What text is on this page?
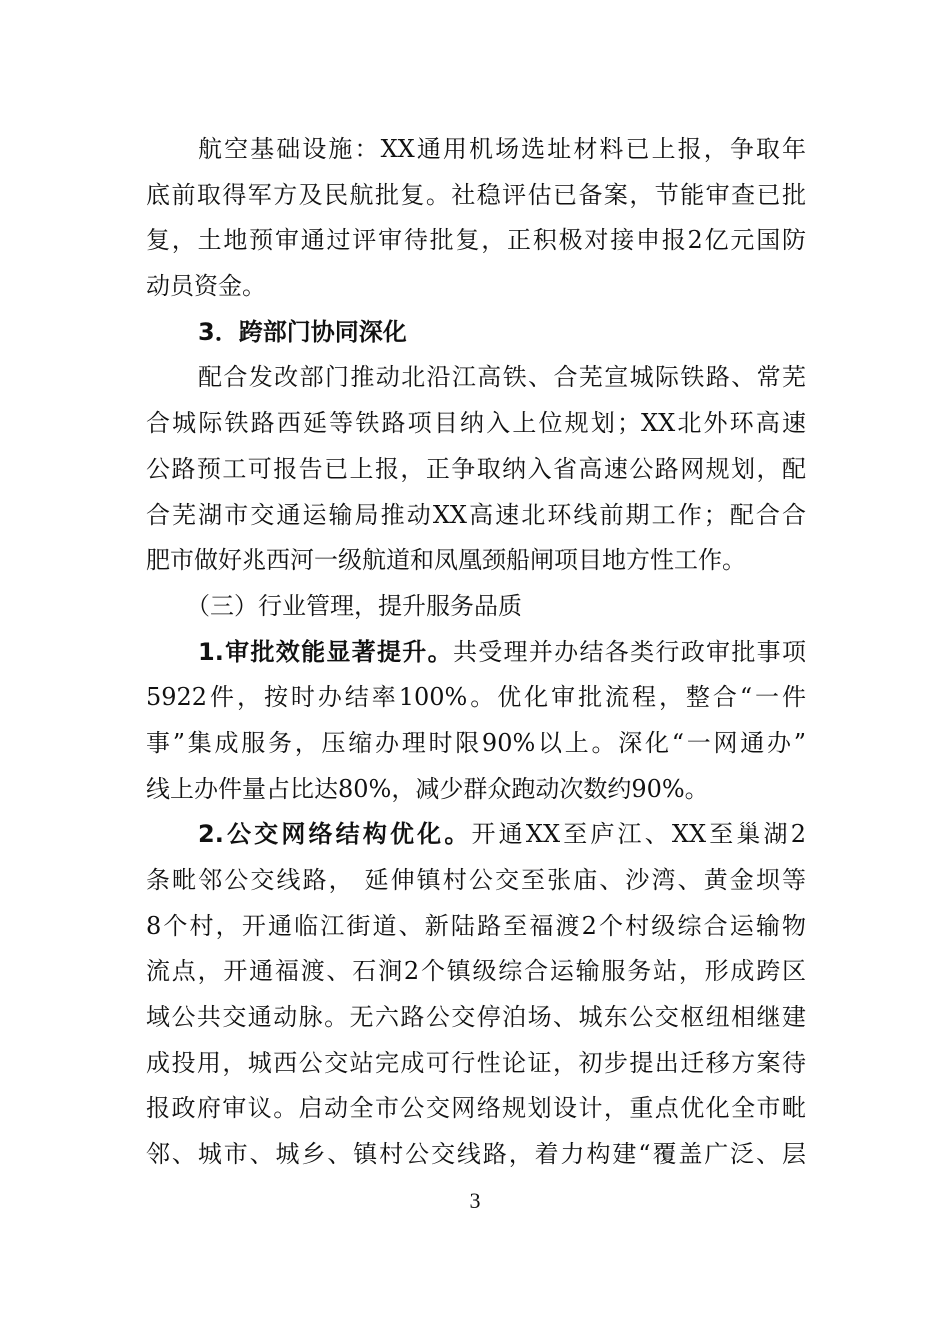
航空基础设施：XX通用机场选址材料已上报，争取年
底前取得军方及民航批复。社稳评估已备案，节能审查已批
复，土地预审通过评审待批复，正积极对接申报2亿元国防
动员资金。
3．跨部门协同深化
配合发改部门推动北沿江高铁、合芜宣城际铁路、常芜
合城际铁路西延等铁路项目纳入上位规划；XX北外环高速
公路预工可报告已上报，正争取纳入省高速公路网规划，配
合芜湖市交通运输局推动XX高速北环线前期工作；配合合
肥市做好兆西河一级航道和凤凰颈船闸项目地方性工作。
（三）行业管理，提升服务品质
1.审批效能显著提升。共受理并办结各类行政审批事项
5922件，按时办结率100%。优化审批流程，整合“一件
事”集成服务，压缩办理时限90%以上。深化“一网通办”
线上办件量占比达80%，减少群众跑动次数约90%。
2.公交网络结构优化。开通XX至庐江、XX至巢湖2
条毗邻公交线路， 延伸镇村公交至张庙、沙湾、黄金坝等
8个村，开通临江街道、新陆路至福渡2个村级综合运输物
流点，开通福渡、石涧2个镇级综合运输服务站，形成跨区
域公共交通动脉。无六路公交停泊场、城东公交枢纽相继建
成投用，城西公交站完成可行性论证，初步提出迁移方案待
报政府审议。启动全市公交网络规划设计，重点优化全市毗
邻、城市、城乡、镇村公交线路，着力构建“覆盖广泛、层
3
